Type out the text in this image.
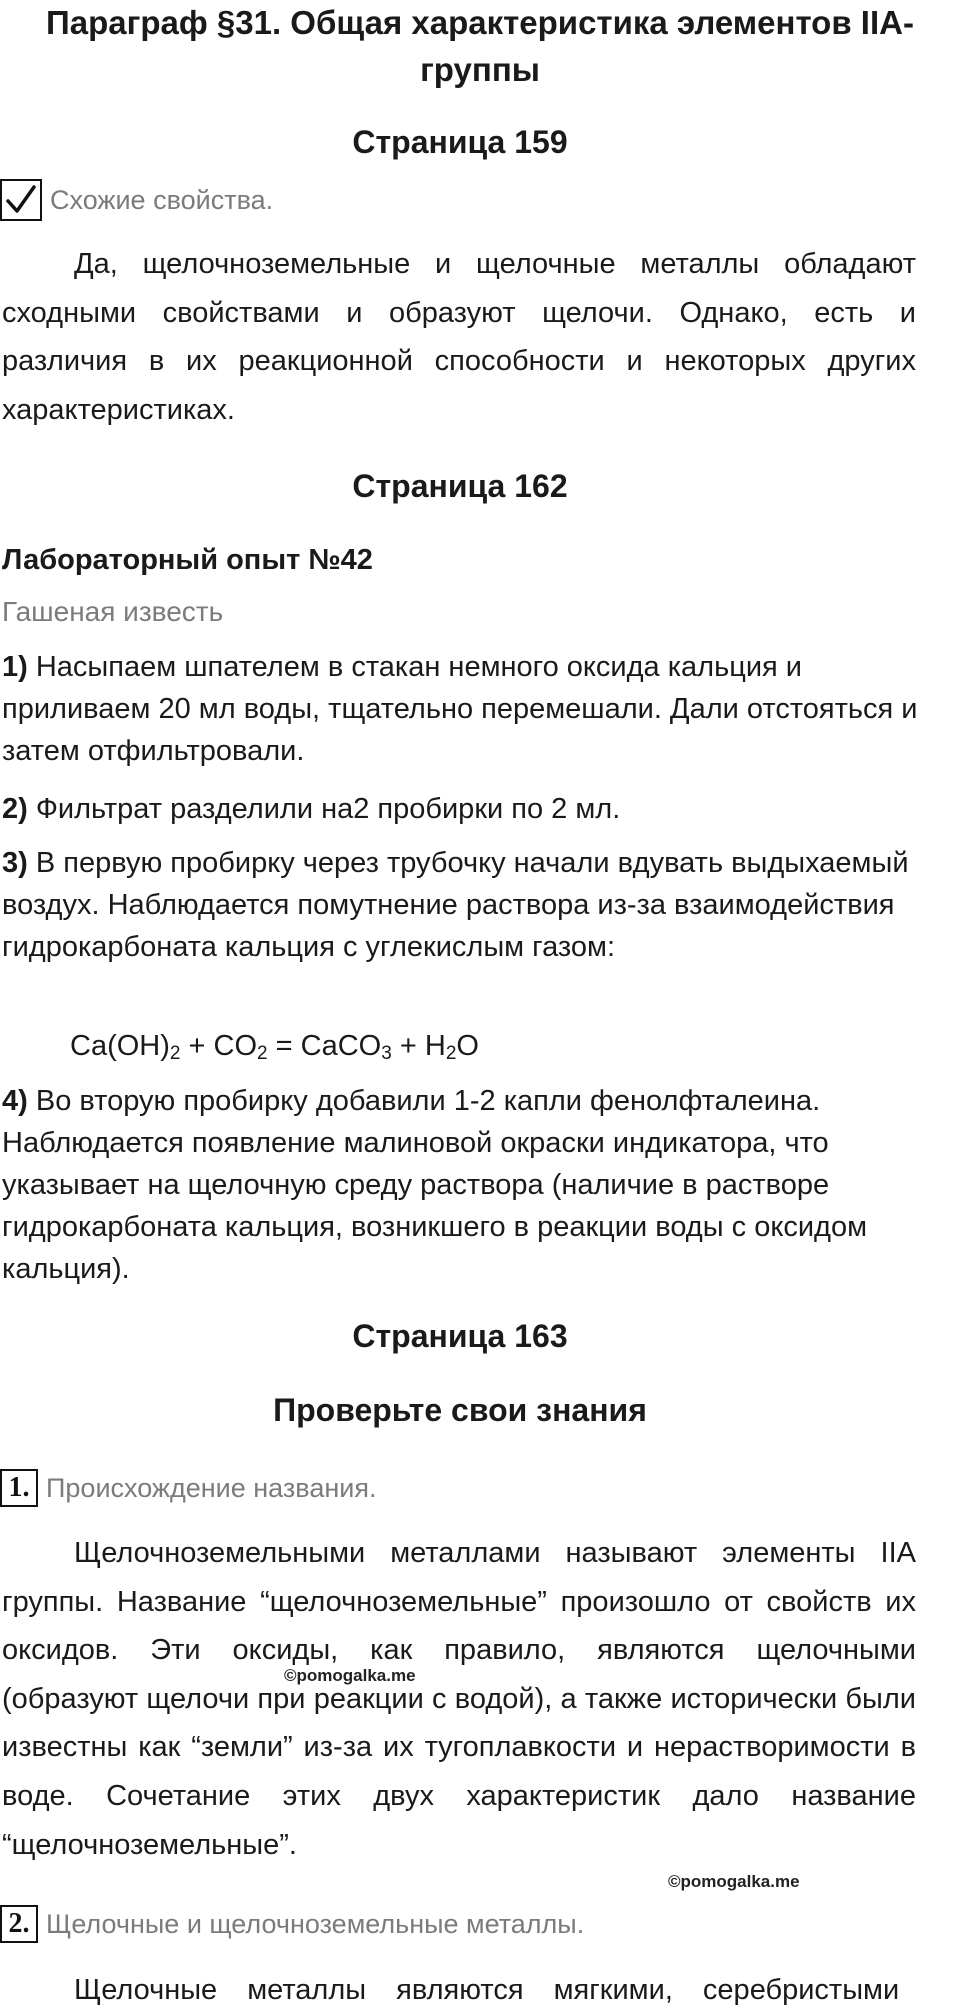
Параграф §31. Общая характеристика элементов IIA-
группы
Страница 159
Схожие свойства.
Да, щелочноземельные и щелочные металлы обладают сходными свойствами и образуют щелочи. Однако, есть и различия в их реакционной способности и некоторых других характеристиках.
Страница 162
Лабораторный опыт №42
Гашеная известь
1) Насыпаем шпателем в стакан немного оксида кальция и приливаем 20 мл воды, тщательно перемешали. Дали отстояться и затем отфильтровали.
2) Фильтрат разделили на2 пробирки по 2 мл.
3) В первую пробирку через трубочку начали вдувать выдыхаемый воздух. Наблюдается помутнение раствора из-за взаимодействия гидрокарбоната кальция с углекислым газом:
$Ca(OH)_2 + CO_2$ = CaCO$_3$ + $H_2O$
4) Во вторую пробирку добавили 1-2 капли фенолфталеина. Наблюдается появление малиновой окраски индикатора, что указывает на щелочную среду раствора (наличие в растворе гидрокарбоната кальция, возникшего в реакции воды с оксидом кальция).
Страница 163
Проверьте свои знания
1. Происхождение названия.
Щелочноземельными металлами называют элементы IIA группы. Название “щелочноземельные” произошло от свойств их оксидов. Эти оксиды, как правило, являются щелочными (образуют щелочи при реакции с водой), а также исторически были известны как “земли” из-за их тугоплавкости и нерастворимости в воде. Сочетание этих двух характеристик дало название “щелочноземельные”.
©pomogalka.me
©pomogalka.me
2. Щелочные и щелочноземельные металлы.
Щелочные металлы являются мягкими, серебристыми
